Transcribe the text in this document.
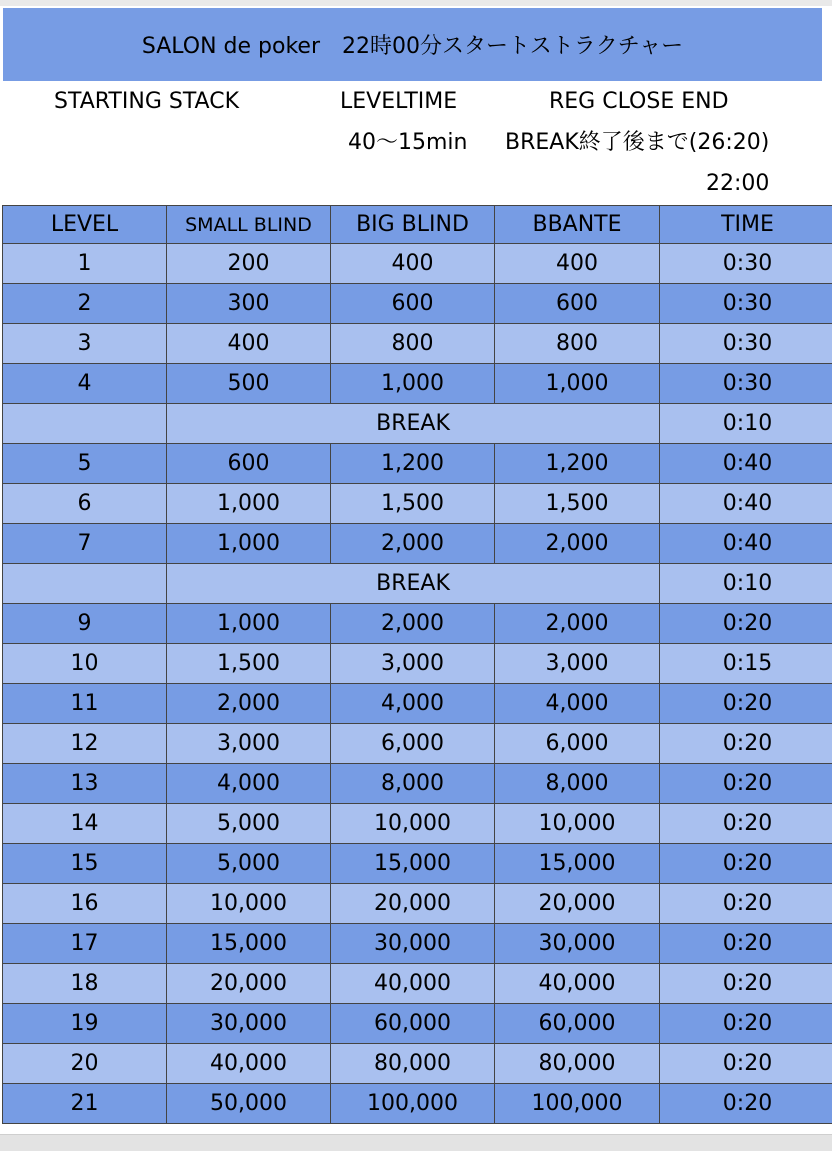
SALON de poker　22時00分スタートストラクチャー
STARTING STACK	LEVELTIME	REG CLOSE END
40～15min BREAK終了後まで(26:20)
22:00
LEVEL	SMALL BLIND	BIG BLIND	BBANTE	TIME
1	200	400	400	0:30
2	300	600	600	0:30
3	400	800	800	0:30
4	500	1,000	1,000	0:30
	BREAK			0:10
5	600	1,200	1,200	0:40
6	1,000	1,500	1,500	0:40
7	1,000	2,000	2,000	0:40
	BREAK			0:10
9	1,000	2,000	2,000	0:20
10	1,500	3,000	3,000	0:15
11	2,000	4,000	4,000	0:20
12	3,000	6,000	6,000	0:20
13	4,000	8,000	8,000	0:20
14	5,000	10,000	10,000	0:20
15	5,000	15,000	15,000	0:20
16	10,000	20,000	20,000	0:20
17	15,000	30,000	30,000	0:20
18	20,000	40,000	40,000	0:20
19	30,000	60,000	60,000	0:20
20	40,000	80,000	80,000	0:20
21	50,000	100,000	100,000	0:20
